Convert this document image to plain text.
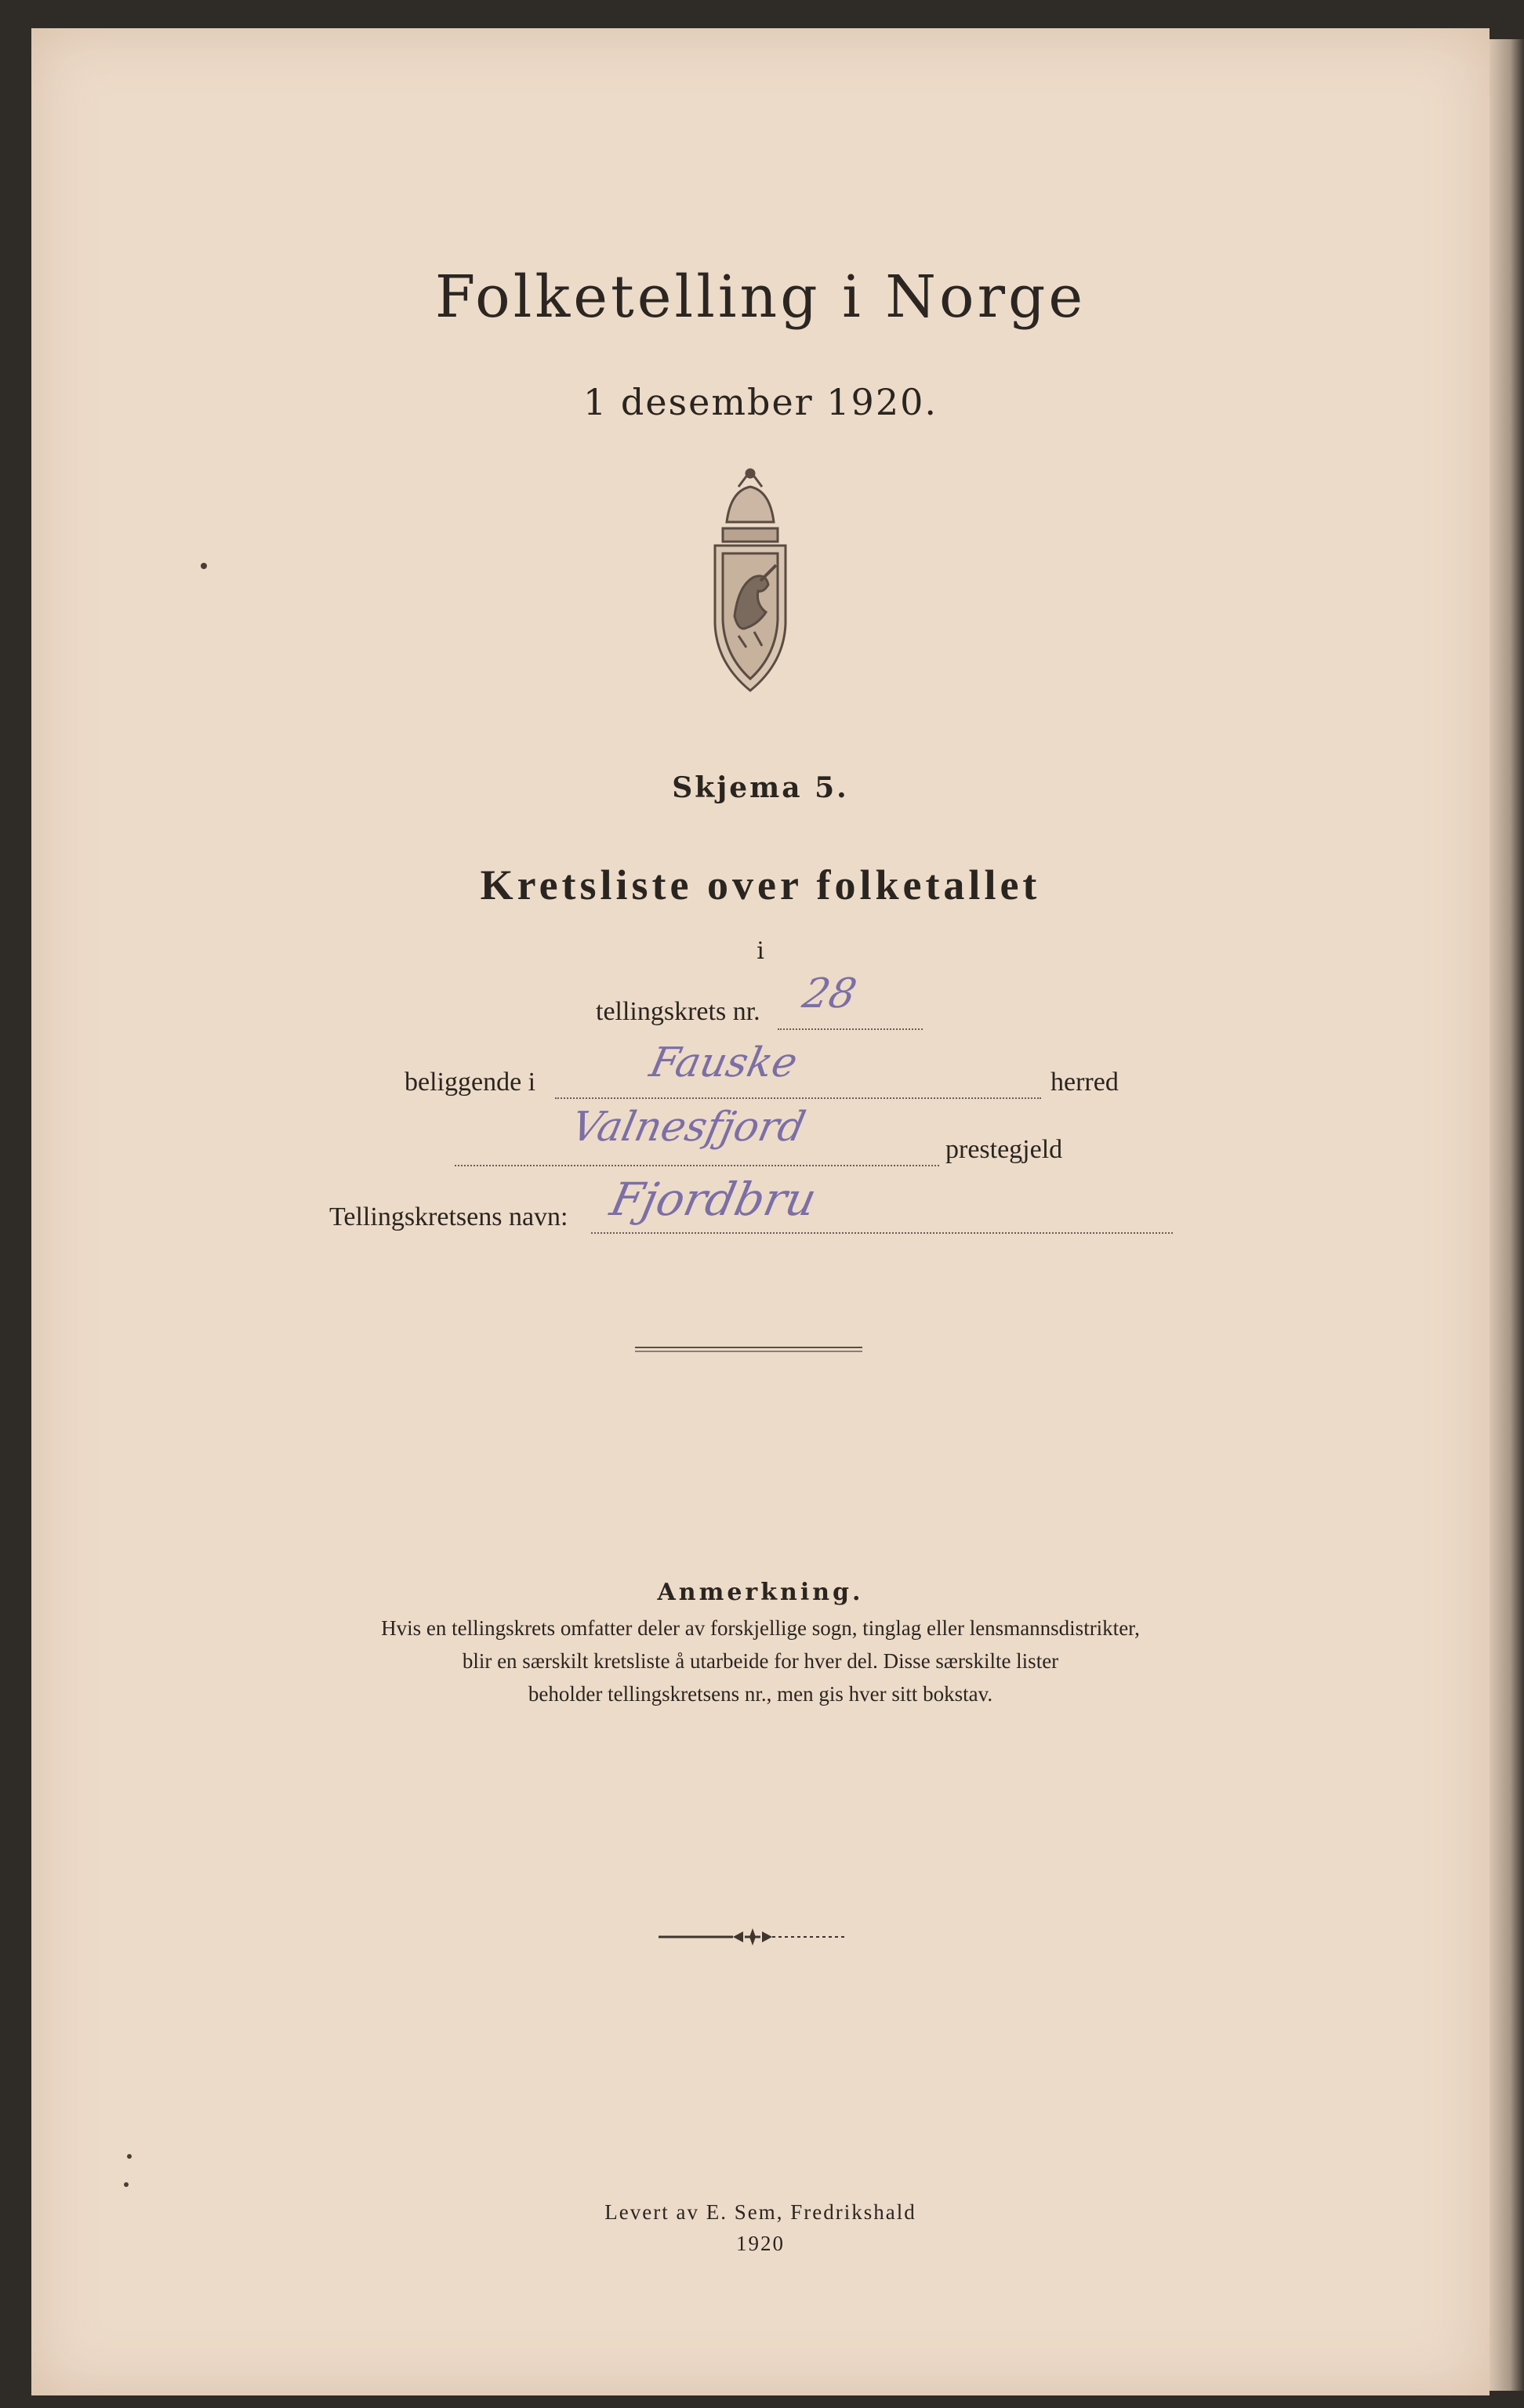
Folketelling i Norge
1 desember 1920.
Skjema 5.
Kretsliste over folketallet
i
tellingskrets nr. 28
beliggende i	Fauske	herred
Valnesfjord	prestegjeld
Tellingskretsens navn: Fjordbru
Anmerkning.

Hvis en tellingskrets omfatter deler av forskjellige sogn, tinglag eller lensmannsdistrikter,

blir en særskilt kretsliste å utarbeide for hver del. Disse særskilte lister

beholder tellingskretsens nr., men gis hver sitt bokstav.

Levert av E. Sem, Fredrikshald
1920
